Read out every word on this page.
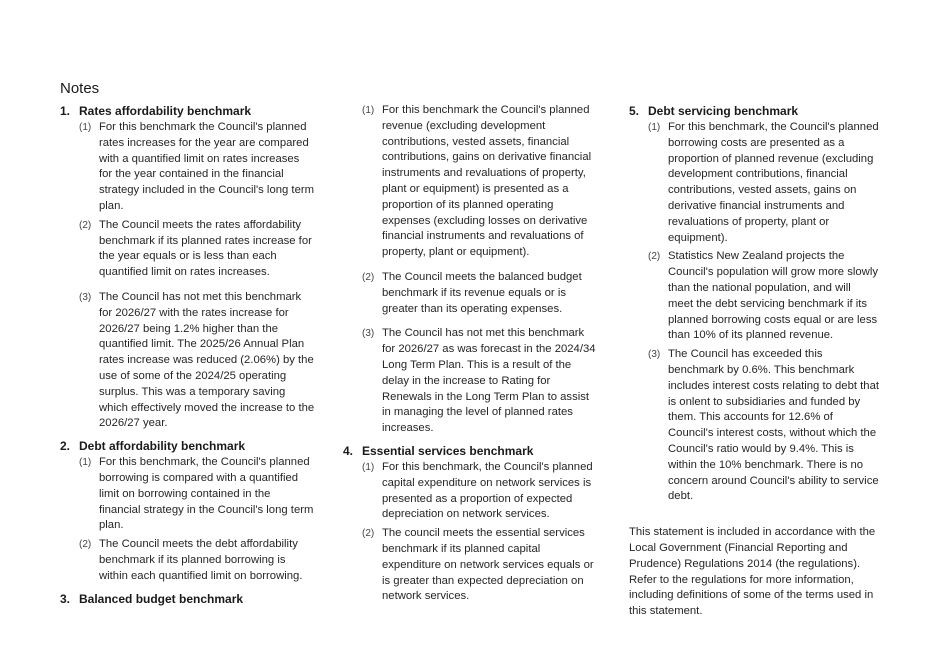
Notes
1. Rates affordability benchmark
(1) For this benchmark the Council's planned rates increases for the year are compared with a quantified limit on rates increases for the year contained in the financial strategy included in the Council's long term plan.
(2) The Council meets the rates affordability benchmark if its planned rates increase for the year equals or is less than each quantified limit on rates increases.
(3) The Council has not met this benchmark for 2026/27 with the rates increase for 2026/27 being 1.2% higher than the quantified limit. The 2025/26 Annual Plan rates increase was reduced (2.06%) by the use of some of the 2024/25 operating surplus. This was a temporary saving which effectively moved the increase to the 2026/27 year.
2. Debt affordability benchmark
(1) For this benchmark, the Council's planned borrowing is compared with a quantified limit on borrowing contained in the financial strategy in the Council's long term plan.
(2) The Council meets the debt affordability benchmark if its planned borrowing is within each quantified limit on borrowing.
3. Balanced budget benchmark
(1) For this benchmark the Council's planned revenue (excluding development contributions, vested assets, financial contributions, gains on derivative financial instruments and revaluations of property, plant or equipment) is presented as a proportion of its planned operating expenses (excluding losses on derivative financial instruments and revaluations of property, plant or equipment).
(2) The Council meets the balanced budget benchmark if its revenue equals or is greater than its operating expenses.
(3) The Council has not met this benchmark for 2026/27 as was forecast in the 2024/34 Long Term Plan. This is a result of the delay in the increase to Rating for Renewals in the Long Term Plan to assist in managing the level of planned rates increases.
4. Essential services benchmark
(1) For this benchmark, the Council's planned capital expenditure on network services is presented as a proportion of expected depreciation on network services.
(2) The council meets the essential services benchmark if its planned capital expenditure on network services equals or is greater than expected depreciation on network services.
5. Debt servicing benchmark
(1) For this benchmark, the Council's planned borrowing costs are presented as a proportion of planned revenue (excluding development contributions, financial contributions, vested assets, gains on derivative financial instruments and revaluations of property, plant or equipment).
(2) Statistics New Zealand projects the Council's population will grow more slowly than the national population, and will meet the debt servicing benchmark if its planned borrowing costs equal or are less than 10% of its planned revenue.
(3) The Council has exceeded this benchmark by 0.6%. This benchmark includes interest costs relating to debt that is onlent to subsidiaries and funded by them. This accounts for 12.6% of Council's interest costs, without which the Council's ratio would by 9.4%. This is within the 10% benchmark. There is no concern around Council's ability to service debt.

This statement is included in accordance with the Local Government (Financial Reporting and Prudence) Regulations 2014 (the regulations). Refer to the regulations for more information, including definitions of some of the terms used in this statement.
